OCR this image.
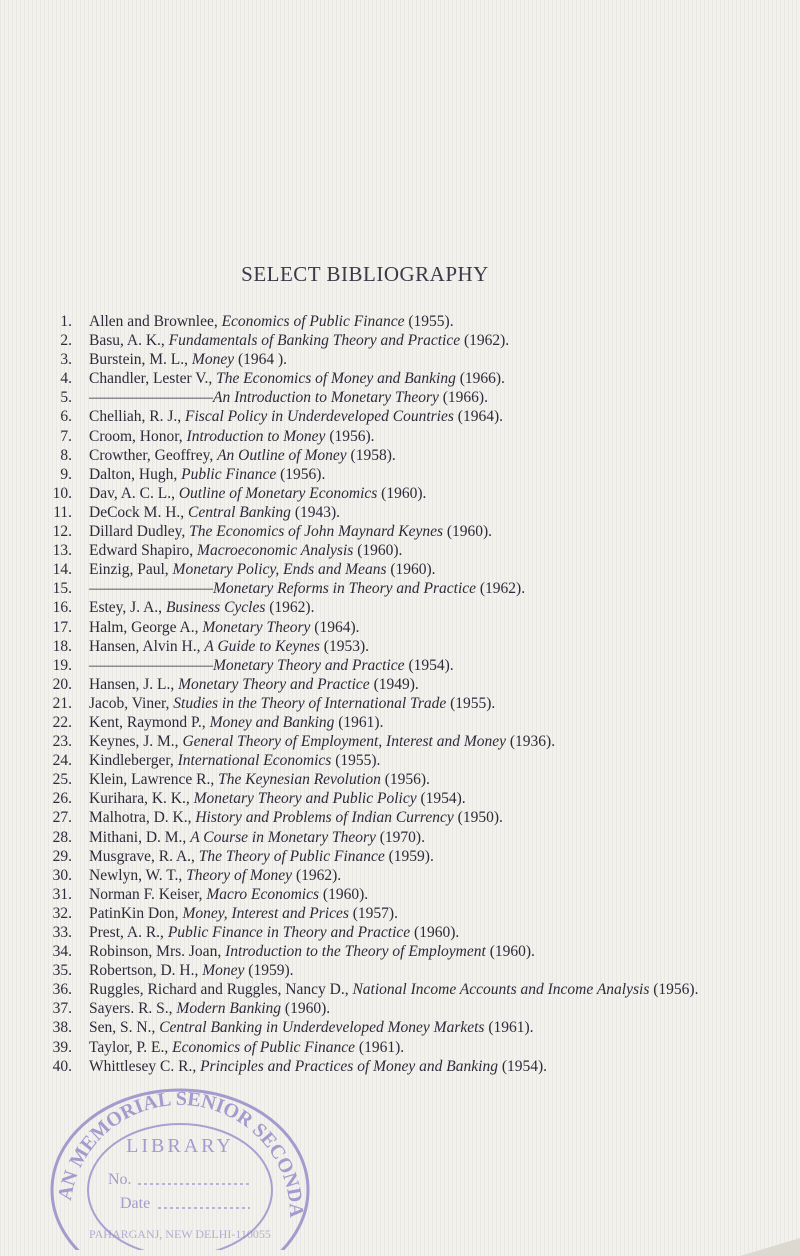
SELECT BIBLIOGRAPHY
1. Allen and Brownlee, Economics of Public Finance (1955).
2. Basu, A. K., Fundamentals of Banking Theory and Practice (1962).
3. Burstein, M. L., Money (1964 ).
4. Chandler, Lester V., The Economics of Money and Banking (1966).
5. ————————An Introduction to Monetary Theory (1966).
6. Chelliah, R. J., Fiscal Policy in Underdeveloped Countries (1964).
7. Croom, Honor, Introduction to Money (1956).
8. Crowther, Geoffrey, An Outline of Money (1958).
9. Dalton, Hugh, Public Finance (1956).
10. Dav, A. C. L., Outline of Monetary Economics (1960).
11. DeCock M. H., Central Banking (1943).
12. Dillard Dudley, The Economics of John Maynard Keynes (1960).
13. Edward Shapiro, Macroeconomic Analysis (1960).
14. Einzig, Paul, Monetary Policy, Ends and Means (1960).
15. ————————Monetary Reforms in Theory and Practice (1962).
16. Estey, J. A., Business Cycles (1962).
17. Halm, George A., Monetary Theory (1964).
18. Hansen, Alvin H., A Guide to Keynes (1953).
19. ————————Monetary Theory and Practice (1954).
20. Hansen, J. L., Monetary Theory and Practice (1949).
21. Jacob, Viner, Studies in the Theory of International Trade (1955).
22. Kent, Raymond P., Money and Banking (1961).
23. Keynes, J. M., General Theory of Employment, Interest and Money (1936).
24. Kindleberger, International Economics (1955).
25. Klein, Lawrence R., The Keynesian Revolution (1956).
26. Kurihara, K. K., Monetary Theory and Public Policy (1954).
27. Malhotra, D. K., History and Problems of Indian Currency (1950).
28. Mithani, D. M., A Course in Monetary Theory (1970).
29. Musgrave, R. A., The Theory of Public Finance (1959).
30. Newlyn, W. T., Theory of Money (1962).
31. Norman F. Keiser, Macro Economics (1960).
32. PatinKin Don, Money, Interest and Prices (1957).
33. Prest, A. R., Public Finance in Theory and Practice (1960).
34. Robinson, Mrs. Joan, Introduction to the Theory of Employment (1960).
35. Robertson, D. H., Money (1959).
36. Ruggles, Richard and Ruggles, Nancy D., National Income Accounts and Income Analysis (1956).
37. Sayers. R. S., Modern Banking (1960).
38. Sen, S. N., Central Banking in Underdeveloped Money Markets (1961).
39. Taylor, P. E., Economics of Public Finance (1961).
40. Whittlesey C. R., Principles and Practices of Money and Banking (1954).
AN MEMORIAL SENIOR SECONDA
LIBRARY
No.
Date
PAHARGANJ, NEW DELHI-110055
